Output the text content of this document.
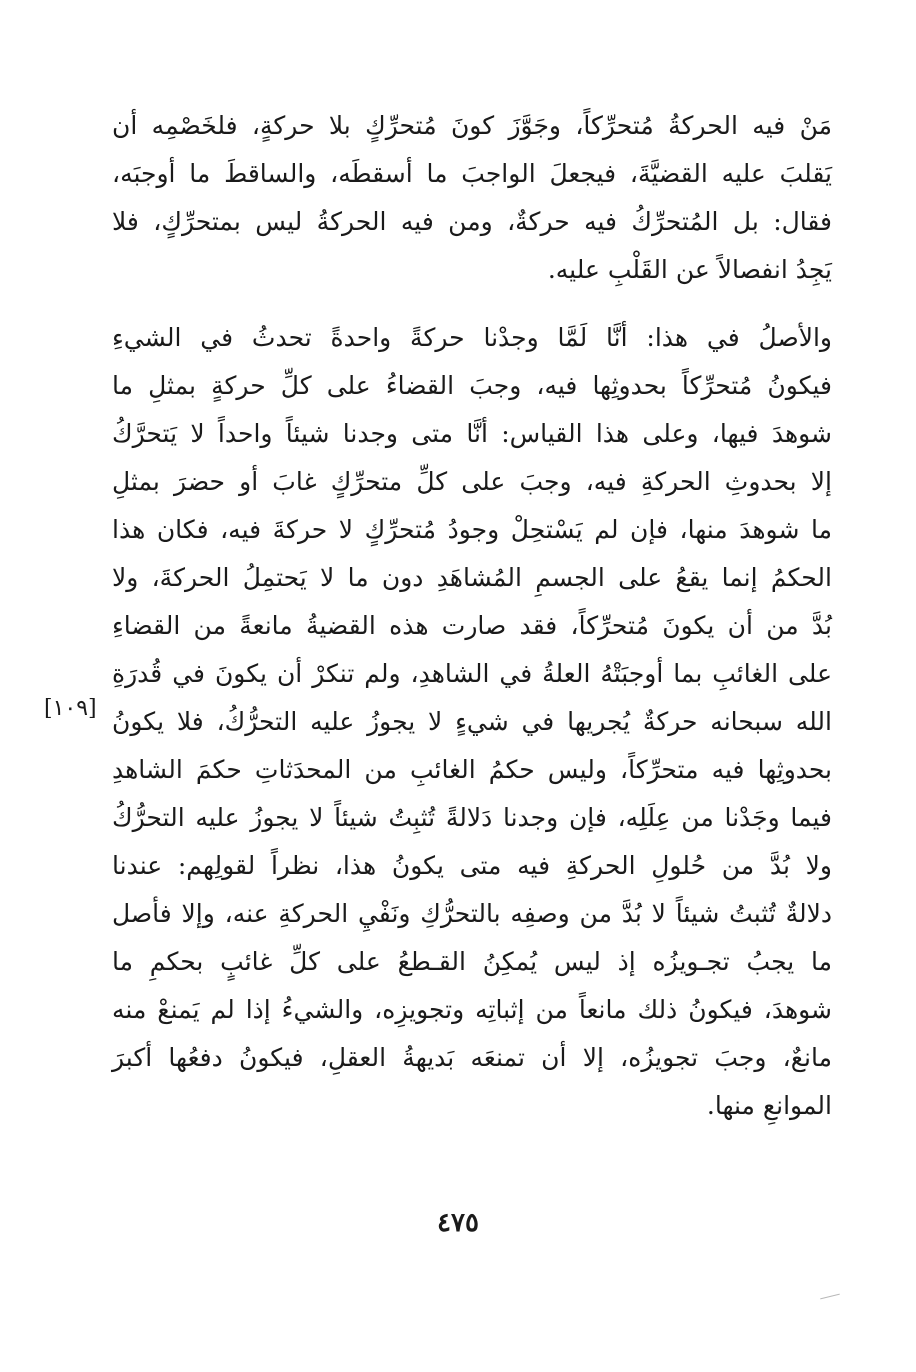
مَنْ فيه الحركةُ مُتحرِّكاً، وجَوَّزَ كونَ مُتحرِّكٍ بلا حركةٍ، فلخَصْمِه أن
يَقلبَ عليه القضيَّةَ، فيجعلَ الواجبَ ما أسقطَه، والساقطَ ما أوجبَه،
فقال: بل المُتحرِّكُ فيه حركةٌ، ومن فيه الحركةُ ليس بمتحرِّكٍ، فلا
يَجِدُ انفصالاً عن القَلْبِ عليه.
والأصلُ في هذا: أنَّا لَمَّا وجدْنا حركةً واحدةً تحدثُ في الشيءِ
فيكونُ مُتحرِّكاً بحدوثِها فيه، وجبَ القضاءُ على كلِّ حركةٍ بمثلِ ما
شوهدَ فيها، وعلى هذا القياس: أنَّا متى وجدنا شيئاً واحداً لا يَتحرَّكُ
إلا بحدوثِ الحركةِ فيه، وجبَ على كلِّ متحرِّكٍ غابَ أو حضرَ بمثلِ
ما شوهدَ منها، فإن لم يَسْتحِلْ وجودُ مُتحرِّكٍ لا حركةَ فيه، فكان هذا
الحكمُ إنما يقعُ على الجسمِ المُشاهَدِ دون ما لا يَحتمِلُ الحركةَ، ولا
بُدَّ من أن يكونَ مُتحرِّكاً، فقد صارت هذه القضيةُ مانعةً من القضاءِ
على الغائبِ بما أوجبَتْهُ العلةُ في الشاهدِ، ولم تنكرْ أن يكونَ في قُدرَةِ
الله سبحانه حركةٌ يُجريها في شيءٍ لا يجوزُ عليه التحرُّكُ، فلا يكونُ
بحدوثِها فيه متحرِّكاً، وليس حكمُ الغائبِ من المحدَثاتِ حكمَ الشاهدِ
فيما وجَدْنا من عِلَلِه، فإن وجدنا دَلالةً تُثبِتُ شيئاً لا يجوزُ عليه التحرُّكُ
ولا بُدَّ من حُلولِ الحركةِ فيه متى يكونُ هذا، نظراً لقولِهم: عندنا
دلالةٌ تُثبتُ شيئاً لا بُدَّ من وصفِه بالتحرُّكِ ونَفْيِ الحركةِ عنه، وإلا فأصل
ما يجبُ تجـويزُه إذ ليس يُمكِنُ القـطعُ على كلِّ غائبٍ بحكمِ ما
شوهدَ، فيكونُ ذلك مانعاً من إثباتِه وتجويزِه، والشيءُ إذا لم يَمنعْ منه
مانعٌ، وجبَ تجويزُه، إلا أن تمنعَه بَديهةُ العقلِ، فيكونُ دفعُها أكبرَ
الموانعِ منها.
[١٠٩]
٤٧٥
